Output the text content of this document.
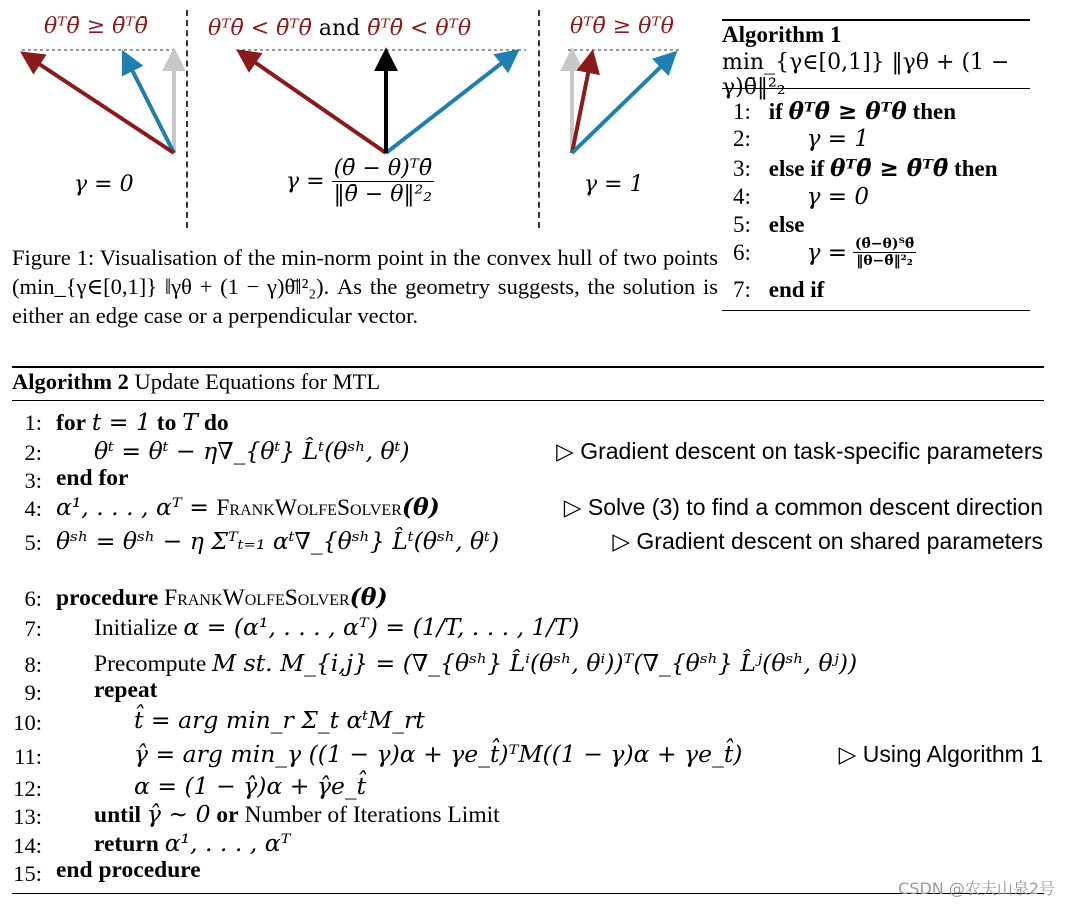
θᵀθ̄ ≥ θ̄ᵀθ̄
γ = 0
θᵀθ̄ < θ̄ᵀθ̄ and θ̄ᵀθ̄ < θᵀθ
$\gamma = \frac{\text{(θ̄ − θ)ᵀθ̄}}{\text{‖θ̄ − θ‖²₂}}$
θᵀθ̄ ≥ θᵀθ
γ = 1
Figure 1: Visualisation of the min-norm point in the convex hull of two points (min_{γ∈[0,1]} ‖γθ + (1 − γ)θ̄‖²₂). As the geometry suggests, the solution is either an edge case or a perpendicular vector.
Algorithm 1
min_{γ∈[0,1]} ‖γθ + (1 − γ)θ̄‖²₂
1: if θᵀθ̄ ≥ θᵀθ then
2: γ = 1
3: else if θᵀθ̄ ≥ θ̄ᵀθ̄ then
4: γ = 0
5: else
6: $\gamma = \frac{\text{(θ̄−θ)ᵀθ̄}}{\text{‖θ−θ̄‖²₂}}$
7: end if
Algorithm 2 Update Equations for MTL
1: for t = 1 to T do
2: θᵗ = θᵗ − η∇_{θᵗ} L̂ᵗ(θˢʰ, θᵗ)	▷ Gradient descent on task-specific parameters
3: end for
4: α¹, . . . , αᵀ = FrankWolfeSolver(θ)	▷ Solve (3) to find a common descent direction
5: θˢʰ = θˢʰ − η Σᵀₜ₌₁ αᵗ∇_{θˢʰ} L̂ᵗ(θˢʰ, θᵗ)	▷ Gradient descent on shared parameters
6: procedure FrankWolfeSolver(θ)
7: Initialize α = (α¹, . . . , αᵀ) = (1/T, . . . , 1/T)
8: Precompute M st. M_{i,j} = (∇_{θˢʰ} L̂ⁱ(θˢʰ, θⁱ))ᵀ(∇_{θˢʰ} L̂ʲ(θˢʰ, θʲ))
9: repeat
10:	t̂ = arg min_r Σ_t αᵗM_rt
11:	γ̂ = arg min_γ ((1 − γ)α + γe_t̂)ᵀM((1 − γ)α + γe_t̂)	▷ Using Algorithm 1
12:	α = (1 − γ̂)α + γ̂e_t̂
13: until γ̂ ∼ 0 or Number of Iterations Limit
14: return α¹, . . . , αᵀ
15: end procedure
CSDN @农夫山泉2号
